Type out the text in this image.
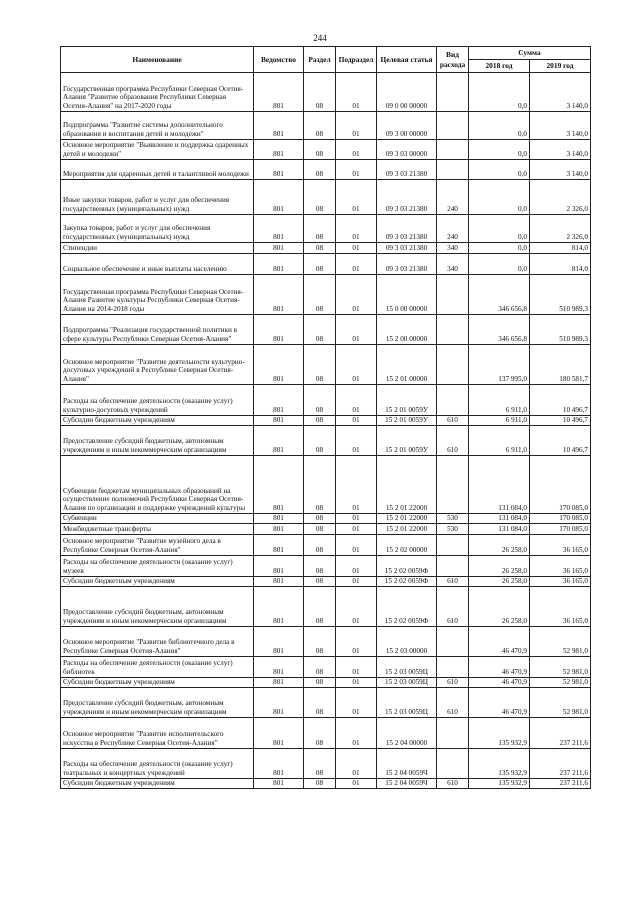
244
Наименование	Ведомство	Раздел	Подраздел	Целевая статья	Вид расхода	Сумма	
						2018 год	2019 год
Государственная программа Республики Северная Осетия-Алания "Развитие образования Республики Северная Осетия-Алания" на 2017-2020 годы	801	08	01	09 0 00 00000		0,0	3 140,0
Подпрограмма "Развитие системы дополнительного образования и воспитания детей и молодежи"	801	08	01	09 3 00 00000		0,0	3 140,0
Основное мероприятие "Выявление и поддержка одаренных детей и молодежи"	801	08	01	09 3 03 00000		0,0	3 140,0
Мероприятия для одаренных детей и талантливой молодежи	801	08	01	09 3 03 21380		0,0	3 140,0
Иные закупки товаров, работ и услуг для обеспечения государственных (муниципальных) нужд	801	08	01	09 3 03 21380	240	0,0	2 326,0
Закупка товаров, работ и услуг для обеспечения государственных (муниципальных) нужд	801	08	01	09 3 03 21380	240	0,0	2 326,0
Стипендии	801	08	01	09 3 03 21380	340	0,0	814,0
Социальное обеспечение и иные выплаты населению	801	08	01	09 3 03 21380	340	0,0	814,0
Государственная программа Республики Северная Осетия-Алания Развитие культуры Республики Северная Осетия-Алания на 2014-2018 годы	801	08	01	15 0 00 00000		346 656,8	510 989,3
Подпрограмма "Реализация государственной политики в сфере культуры Республики Северная Осетия-Алания"	801	08	01	15 2 00 00000		346 656,8	510 989,3
Основное мероприятие "Развитие деятельности культурно-досуговых учреждений в Республике Северная Осетия-Алания"	801	08	01	15 2 01 00000		137 995,0	180 581,7
Расходы на обеспечение деятельности (оказание услуг) культурно-досуговых учреждений	801	08	01	15 2 01 0059У		6 911,0	10 496,7
Субсидии бюджетным учреждениям	801	08	01	15 2 01 0059У	610	6 911,0	10 496,7
Предоставление субсидий бюджетным, автономным учреждениям и иным некоммерческим организациям	801	08	01	15 2 01 0059У	610	6 911,0	10 496,7
Субвенции бюджетам муниципальных образований на осуществление полномочий Республики Северная Осетия-Алания по организации и поддержке учреждений культуры	801	08	01	15 2 01 22000		131 084,0	170 085,0
Субвенции	801	08	01	15 2 01 22000	530	131 084,0	170 085,0
Межбюджетные трансферты	801	08	01	15 2 01 22000	530	131 084,0	170 085,0
Основное мероприятие "Развитие музейного дела в Республике Северная Осетия-Алания"	801	08	01	15 2 02 00000		26 258,0	36 165,0
Расходы на обеспечение деятельности (оказание услуг) музеев	801	08	01	15 2 02 0059Ф		26 258,0	36 165,0
Субсидии бюджетным учреждениям	801	08	01	15 2 02 0059Ф	610	26 258,0	36 165,0
Предоставление субсидий бюджетным, автономным учреждениям и иным некоммерческим организациям	801	08	01	15 2 02 0059Ф	610	26 258,0	36 165,0
Основное мероприятие "Развитие библиотечного дела в Республике Северная Осетия-Алания"	801	08	01	15 2 03 00000		46 470,9	52 981,0
Расходы на обеспечение деятельности (оказание услуг) библиотек	801	08	01	15 2 03 0059Ц		46 470,9	52 981,0
Субсидии бюджетным учреждениям	801	08	01	15 2 03 0059Ц	610	46 470,9	52 981,0
Предоставление субсидий бюджетным, автономным учреждениям и иным некоммерческим организациям	801	08	01	15 2 03 0059Ц	610	46 470,9	52 981,0
Основное мероприятие "Развитие исполнительского искусства в Республике Северная Осетия-Алания"	801	08	01	15 2 04 00000		135 932,9	237 211,6
Расходы на обеспечение деятельности (оказание услуг) театральных и концертных учреждений	801	08	01	15 2 04 0059Ч		135 932,9	237 211,6
Субсидии бюджетным учреждениям	801	08	01	15 2 04 0059Ч	610	135 932,9	237 211,6
